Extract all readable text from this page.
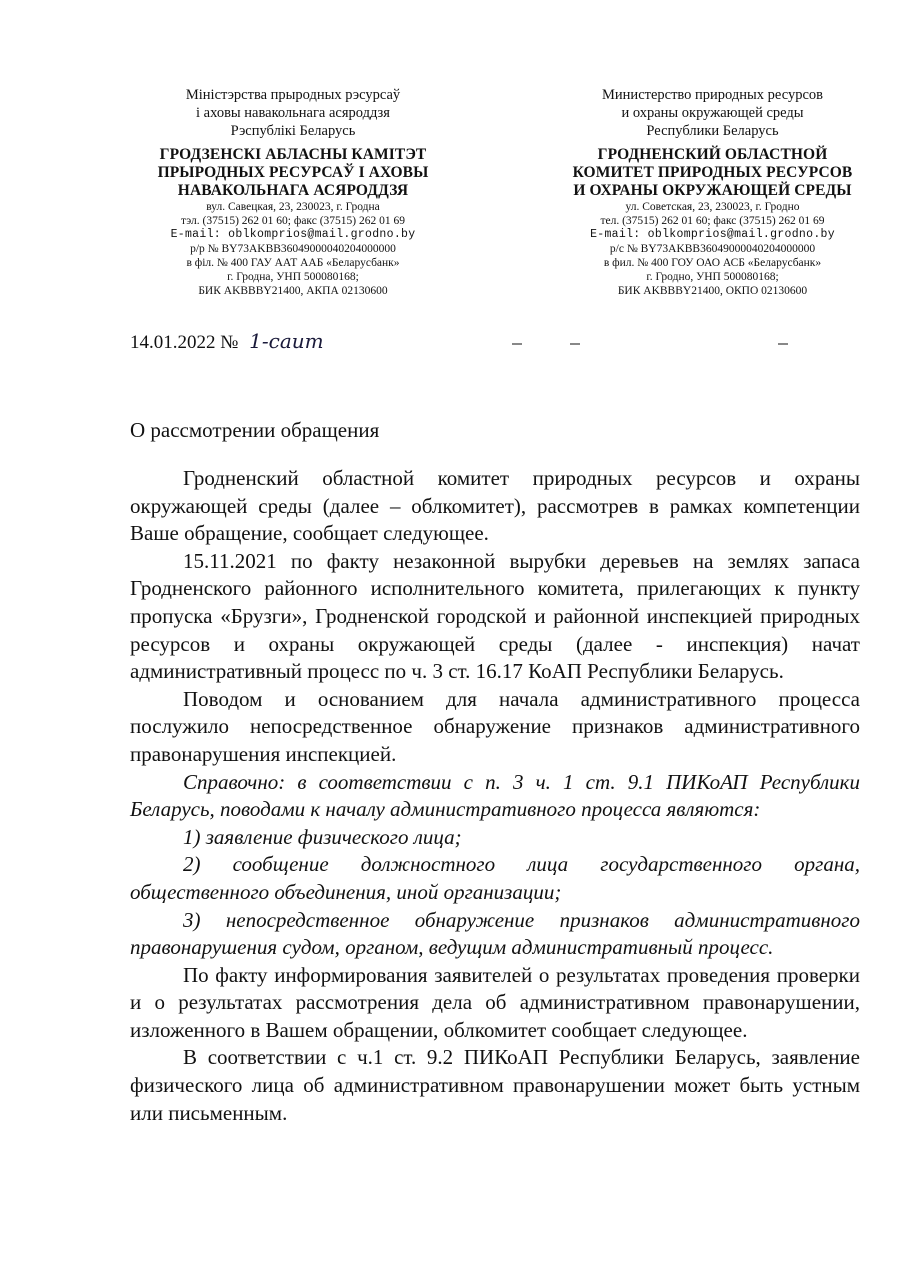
Міністэрства прыродных рэсурсаў
і аховы навакольнага асяроддзя
Рэспублікі Беларусь
ГРОДЗЕНСКІ АБЛАСНЫ КАМІТЭТ
ПРЫРОДНЫХ РЕСУРСАЎ І АХОВЫ
НАВАКОЛЬНАГА АСЯРОДДЗЯ
вул. Савецкая, 23, 230023, г. Гродна
тэл. (37515) 262 01 60; факс (37515) 262 01 69
E-mail: oblkomprios@mail.grodno.by
р/р № BY73AKBB36049000040204000000
в філ. № 400 ГАУ ААТ ААБ «Беларусбанк»
г. Гродна, УНП 500080168;
БИК AKBBBY21400, АКПА 02130600
Министерство природных ресурсов
и охраны окружающей среды
Республики Беларусь
ГРОДНЕНСКИЙ ОБЛАСТНОЙ
КОМИТЕТ ПРИРОДНЫХ РЕСУРСОВ
И ОХРАНЫ ОКРУЖАЮЩЕЙ СРЕДЫ
ул. Советская, 23, 230023, г. Гродно
тел. (37515) 262 01 60; факс (37515) 262 01 69
E-mail: oblkomprios@mail.grodno.by
р/с № BY73AKBB36049000040204000000
в фил. № 400 ГОУ ОАО АСБ «Беларусбанк»
г. Гродно, УНП 500080168;
БИК AKBBBY21400, ОКПО 02130600
14.01.2022 № 1-саит
О рассмотрении обращения

Гродненский областной комитет природных ресурсов и охраны окружающей среды (далее – облкомитет), рассмотрев в рамках компетенции Ваше обращение, сообщает следующее.

15.11.2021 по факту незаконной вырубки деревьев на землях запаса Гродненского районного исполнительного комитета, прилегающих к пункту пропуска «Брузги», Гродненской городской и районной инспекцией природных ресурсов и охраны окружающей среды (далее - инспекция) начат административный процесс по ч. 3 ст. 16.17 КоАП Республики Беларусь.

Поводом и основанием для начала административного процесса послужило непосредственное обнаружение признаков административного правонарушения инспекцией.

Справочно: в соответствии с п. 3 ч. 1 ст. 9.1 ПИКоАП Республики Беларусь, поводами к началу административного процесса являются:

1) заявление физического лица;

2) сообщение должностного лица государственного органа, общественного объединения, иной организации;

3) непосредственное обнаружение признаков административного правонарушения судом, органом, ведущим административный процесс.

По факту информирования заявителей о результатах проведения проверки и о результатах рассмотрения дела об административном правонарушении, изложенного в Вашем обращении, облкомитет сообщает следующее.

В соответствии с ч.1 ст. 9.2 ПИКоАП Республики Беларусь, заявление физического лица об административном правонарушении может быть устным или письменным.
